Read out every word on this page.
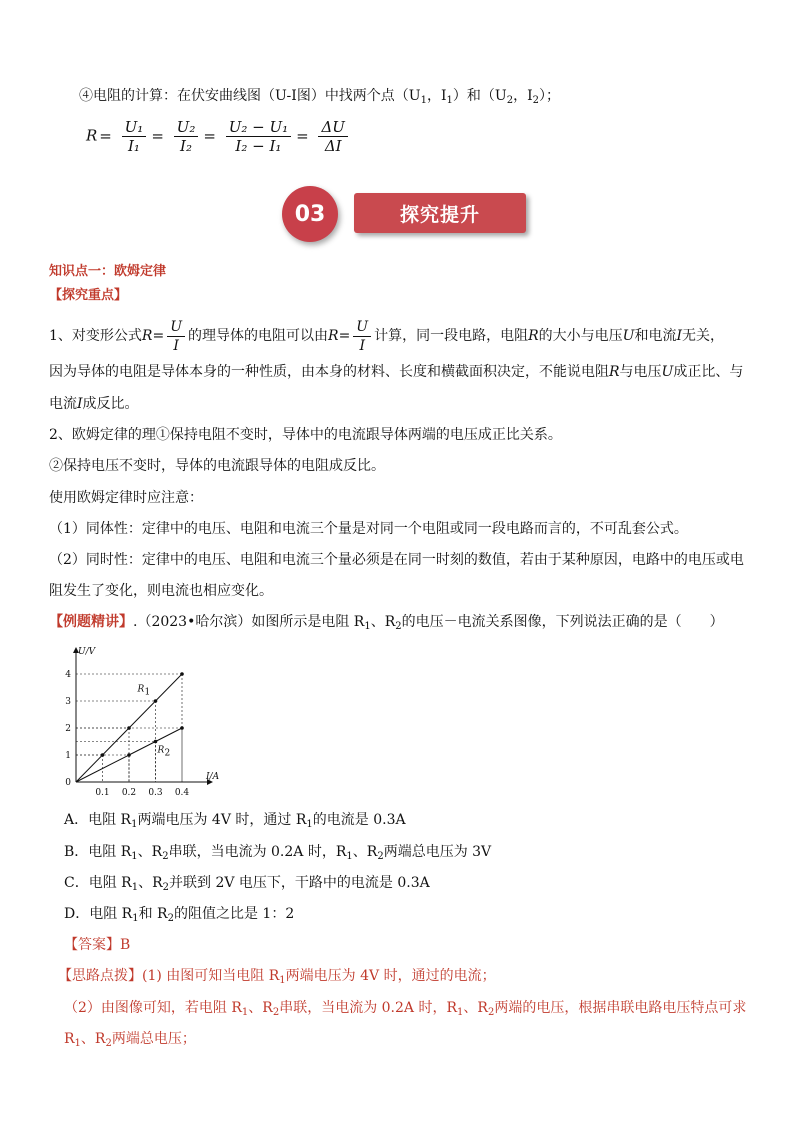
④电阻的计算：在伏安曲线图（U-I图）中找两个点（$U_1$，$I_1$）和（$U_2$，$I_2$）；
$R = \frac{\text{U₁}}{\text{I₁}} = \frac{\text{U₂}}{\text{I₂}} = \frac{\text{U₂ − U₁}}{\text{I₂ − I₁}} = \frac{\Delta U}{\Delta I}$
03	探究提升
知识点一：欧姆定律
【探究重点】
1、对变形公式$R= \frac{U}{I}$ 的理导体的电阻可以由$R= \frac{U}{I}$ 计算，同一段电路，电阻R的大小与电压U和电流I无关，
因为导体的电阻是导体本身的一种性质，由本身的材料、长度和横截面积决定，不能说电阻R与电压U成正比、与
电流I成反比。
2、欧姆定律的理①保持电阻不变时，导体中的电流跟导体两端的电压成正比关系。
②保持电压不变时，导体的电流跟导体的电阻成反比。
使用欧姆定律时应注意：
（1）同体性：定律中的电压、电阻和电流三个量是对同一个电阻或同一段电路而言的，不可乱套公式。
（2）同时性：定律中的电压、电阻和电流三个量必须是在同一时刻的数值，若由于某种原因，电路中的电压或电
阻发生了变化，则电流也相应变化。
【例题精讲】.（2023•哈尔滨）如图所示是电阻 $R_1$、$R_2$的电压－电流关系图像，下列说法正确的是（　　）
R 1
R 2
0.1 0.2 0.3 0.4
1
2
3
4
0
I/A
U/V
A．电阻 $R_1$两端电压为 4V 时，通过 $R_1$的电流是 0.3A
B．电阻 $R_1$、$R_2$串联，当电流为 0.2A 时，$R_1$、$R_2$两端总电压为 3V
C．电阻 $R_1$、$R_2$并联到 2V 电压下，干路中的电流是 0.3A
D．电阻 $R_1$和 $R_2$的阻值之比是 1：2
【答案】B
【思路点拨】(1) 由图可知当电阻 $R_1$两端电压为 4V 时，通过的电流；
（2）由图像可知，若电阻 $R_1$、$R_2$串联，当电流为 0.2A 时，$R_1$、$R_2$两端的电压，根据串联电路电压特点可求
$R_1$、$R_2$两端总电压；
